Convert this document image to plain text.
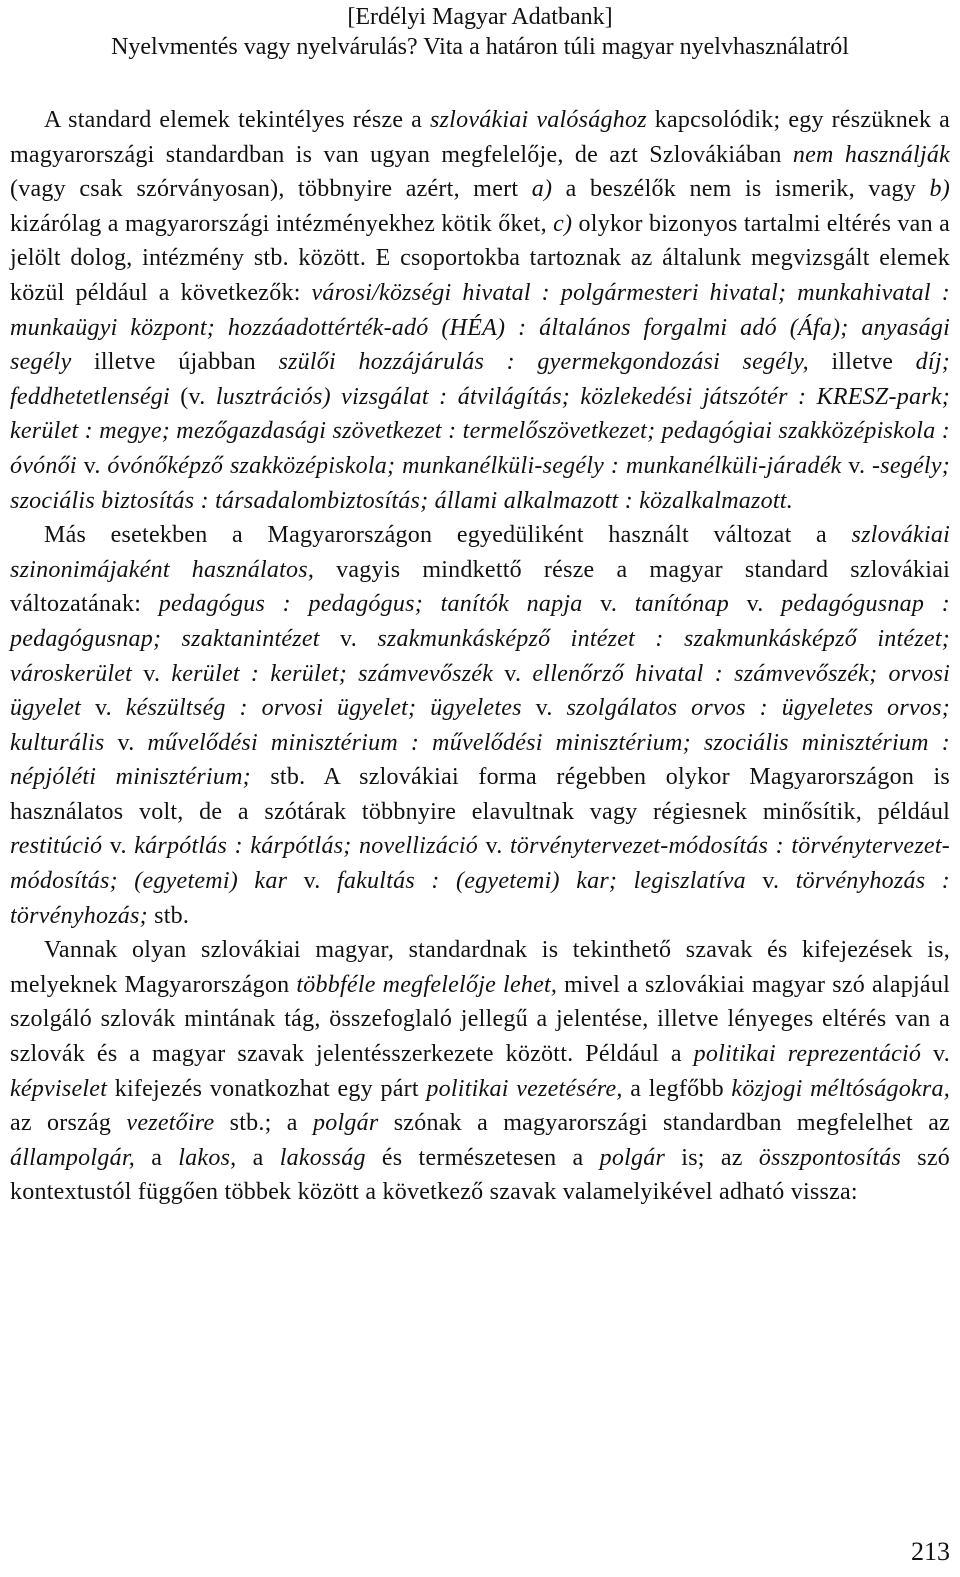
[Erdélyi Magyar Adatbank]
Nyelvmentés vagy nyelvárulás? Vita a határon túli magyar nyelvhasználatról

A standard elemek tekintélyes része a szlovákiai valósághoz kapcsolódik; egy részüknek a magyarországi standardban is van ugyan megfelelője, de azt Szlovákiában nem használják (vagy csak szórványosan), többnyire azért, mert a) a beszélők nem is ismerik, vagy b) kizárólag a magyarországi intézményekhez kötik őket, c) olykor bizonyos tartalmi eltérés van a jelölt dolog, intézmény stb. között. E csoportokba tartoznak az általunk megvizsgált elemek közül például a következők: városi/községi hivatal : polgármesteri hivatal; munkahivatal : munkaügyi központ; hozzáadottérték-adó (HÉA) : általános forgalmi adó (Áfa); anyasági segély illetve újabban szülői hozzájárulás : gyermekgondozási segély, illetve díj; feddhetetlenségi (v. lusztrációs) vizsgálat : átvilágítás; közlekedési játszótér : KRESZ-park; kerület : megye; mezőgazdasági szövetkezet : termelőszövetkezet; pedagógiai szakközépiskola : óvónői v. óvónőképző szakközépiskola; munkanélküli-segély : munkanélküli-járadék v. -segély; szociális biztosítás : társadalombiztosítás; állami alkalmazott : közalkalmazott.

Más esetekben a Magyarországon egyedüliként használt változat a szlovákiai szinonimájaként használatos, vagyis mindkettő része a magyar standard szlovákiai változatának: pedagógus : pedagógus; tanítók napja v. tanítónap v. pedagógusnap : pedagógusnap; szaktanintézet v. szakmunkásképző intézet : szakmunkásképző intézet; városkerület v. kerület : kerület; számvevőszék v. ellenőrző hivatal : számvevőszék; orvosi ügyelet v. készültség : orvosi ügyelet; ügyeletes v. szolgálatos orvos : ügyeletes orvos; kulturális v. művelődési minisztérium : művelődési minisztérium; szociális minisztérium : népjóléti minisztérium; stb. A szlovákiai forma régebben olykor Magyarországon is használatos volt, de a szótárak többnyire elavultnak vagy régiesnek minősítik, például restitúció v. kárpótlás : kárpótlás; novellizáció v. törvénytervezet-módosítás : törvénytervezet-módosítás; (egyetemi) kar v. fakultás : (egyetemi) kar; legiszlatíva v. törvényhozás : törvényhozás; stb.

Vannak olyan szlovákiai magyar, standardnak is tekinthető szavak és kifejezések is, melyeknek Magyarországon többféle megfelelője lehet, mivel a szlovákiai magyar szó alapjául szolgáló szlovák mintának tág, összefoglaló jellegű a jelentése, illetve lényeges eltérés van a szlovák és a magyar szavak jelentésszerkezete között. Például a politikai reprezentáció v. képviselet kifejezés vonatkozhat egy párt politikai vezetésére, a legfőbb közjogi méltóságokra, az ország vezetőire stb.; a polgár szónak a magyarországi standardban megfelelhet az állampolgár, a lakos, a lakosság és természetesen a polgár is; az összpontosítás szó kontextustól függően többek között a következő szavak valamelyikével adható vissza:

213
